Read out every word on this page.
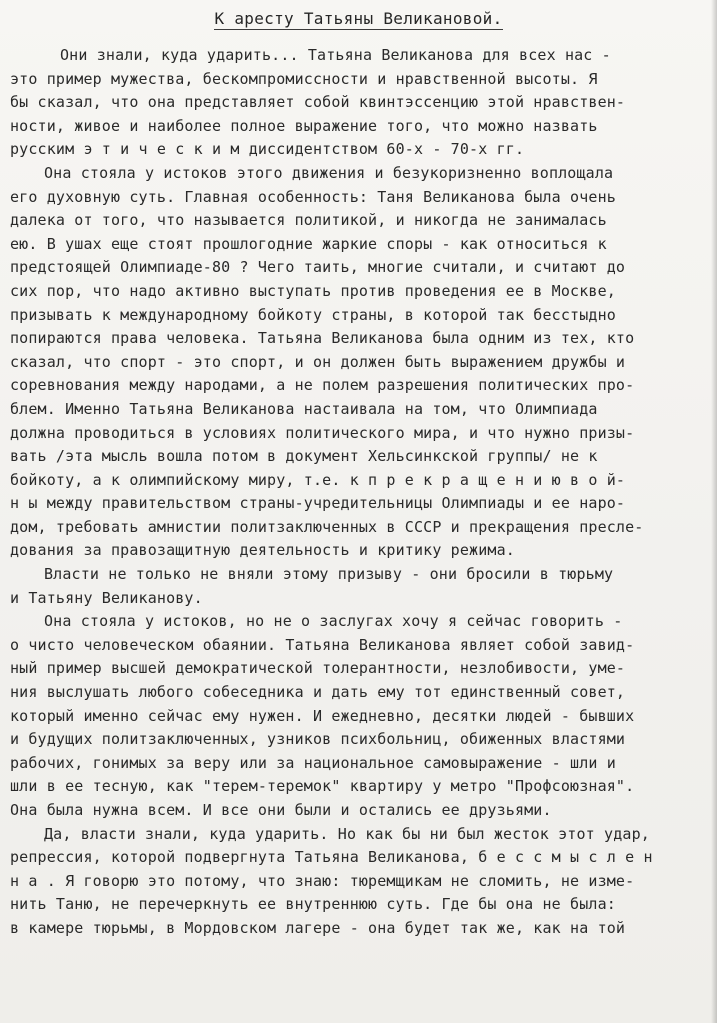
К аресту Татьяны Великановой.
Они знали, куда ударить... Татьяна Великанова для всех нас -
это пример мужества, бескомпромиссности и нравственной высоты. Я
бы сказал, что она представляет собой квинтэссенцию этой нравствен-
ности, живое и наиболее полное выражение того, что можно назвать
русским э т и ч е с к и м диссидентством 60-х - 70-х гг.
Она стояла у истоков этого движения и безукоризненно воплощала
его духовную суть. Главная особенность: Таня Великанова была очень
далека от того, что называется политикой, и никогда не занималась
ею. В ушах еще стоят прошлогодние жаркие споры - как относиться к
предстоящей Олимпиаде-80 ? Чего таить, многие считали, и считают до
сих пор, что надо активно выступать против проведения ее в Москве,
призывать к международному бойкоту страны, в которой так бесстыдно
попираются права человека. Татьяна Великанова была одним из тех, кто
сказал, что спорт - это спорт, и он должен быть выражением дружбы и
соревнования между народами, а не полем разрешения политических про-
блем. Именно Татьяна Великанова настаивала на том, что Олимпиада
должна проводиться в условиях политического мира, и что нужно призы-
вать /эта мысль вошла потом в документ Хельсинкской группы/ не к
бойкоту, а к олимпийскому миру, т.е. к п р е к р а щ е н и ю в о й-
н ы между правительством страны-учредительницы Олимпиады и ее наро-
дом, требовать амнистии политзаключенных в СССР и прекращения пресле-
дования за правозащитную деятельность и критику режима.
Власти не только не вняли этому призыву - они бросили в тюрьму
и Татьяну Великанову.
Она стояла у истоков, но не о заслугах хочу я сейчас говорить -
о чисто человеческом обаянии. Татьяна Великанова являет собой завид-
ный пример высшей демократической толерантности, незлобивости, уме-
ния выслушать любого собеседника и дать ему тот единственный совет,
который именно сейчас ему нужен. И ежедневно, десятки людей - бывших
и будущих политзаключенных, узников психбольниц, обиженных властями
рабочих, гонимых за веру или за национальное самовыражение - шли и
шли в ее тесную, как "терем-теремок" квартиру у метро "Профсоюзная".
Она была нужна всем. И все они были и остались ее друзьями.
Да, власти знали, куда ударить. Но как бы ни был жесток этот удар,
репрессия, которой подвергнута Татьяна Великанова, б е с с м ы с л е н
н а . Я говорю это потому, что знаю: тюремщикам не сломить, не изме-
нить Таню, не перечеркнуть ее внутреннюю суть. Где бы она не была:
в камере тюрьмы, в Мордовском лагере - она будет так же, как на той
